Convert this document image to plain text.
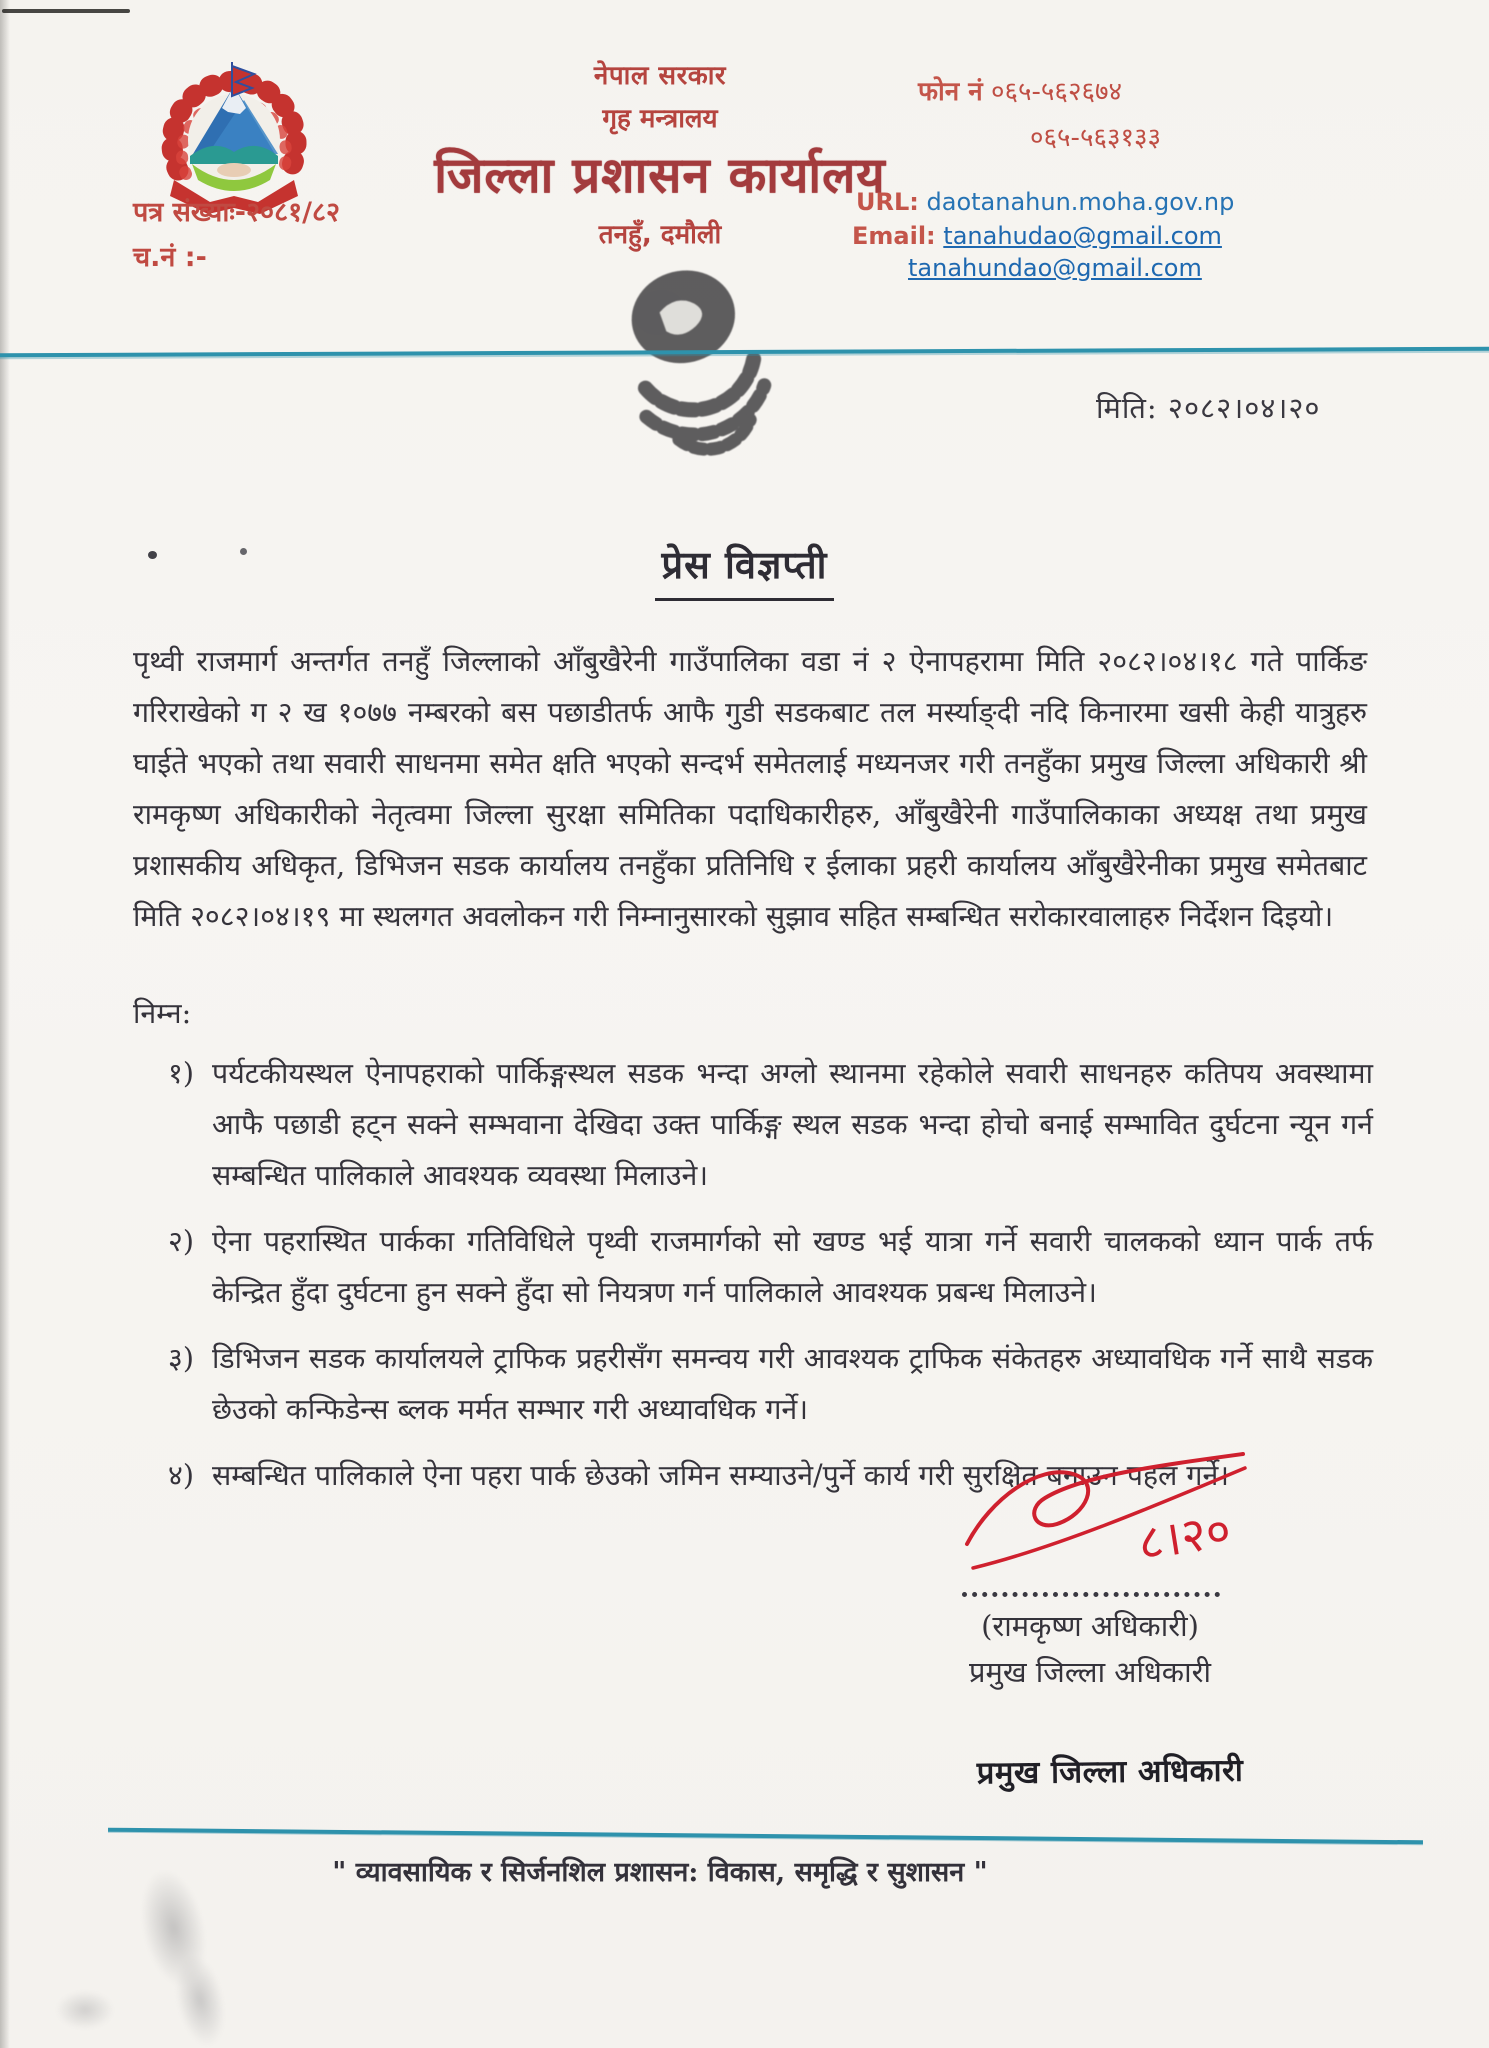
नेपाल सरकार
गृह मन्त्रालय
जिल्ला प्रशासन कार्यालय
तनहुँ, दमौली
फोन नं ०६५-५६२६७४
०६५-५६३१३३
URL: daotanahun.moha.gov.np
Email: tanahudao@gmail.com
tanahundao@gmail.com
पत्र संख्याः-२०८१/८२
च.नं :-
मिति: २०८२।०४।२०
प्रेस विज्ञप्ती
पृथ्वी राजमार्ग अन्तर्गत तनहुँ जिल्लाको आँबुखैरेनी गाउँपालिका वडा नं २ ऐनापहरामा मिति २०८२।०४।१८ गते पार्किङ गरिराखेको ग २ ख १०७७ नम्बरको बस पछाडीतर्फ आफै गुडी सडकबाट तल मर्स्याङ्दी नदि किनारमा खसी केही यात्रुहरु घाईते भएको तथा सवारी साधनमा समेत क्षति भएको सन्दर्भ समेतलाई मध्यनजर गरी तनहुँका प्रमुख जिल्ला अधिकारी श्री रामकृष्ण अधिकारीको नेतृत्वमा जिल्ला सुरक्षा समितिका पदाधिकारीहरु, आँबुखैरेनी गाउँपालिकाका अध्यक्ष तथा प्रमुख प्रशासकीय अधिकृत, डिभिजन सडक कार्यालय तनहुँका प्रतिनिधि र ईलाका प्रहरी कार्यालय आँबुखैरेनीका प्रमुख समेतबाट मिति २०८२।०४।१९ मा स्थलगत अवलोकन गरी निम्नानुसारको सुझाव सहित सम्बन्धित सरोकारवालाहरु निर्देशन दिइयो।
निम्न:
१) पर्यटकीयस्थल ऐनापहराको पार्किङ्गस्थल सडक भन्दा अग्लो स्थानमा रहेकोले सवारी साधनहरु कतिपय अवस्थामा आफै पछाडी हट्न सक्ने सम्भवाना देखिदा उक्त पार्किङ्ग स्थल सडक भन्दा होचो बनाई सम्भावित दुर्घटना न्यून गर्न सम्बन्धित पालिकाले आवश्यक व्यवस्था मिलाउने।
२) ऐना पहरास्थित पार्कका गतिविधिले पृथ्वी राजमार्गको सो खण्ड भई यात्रा गर्ने सवारी चालकको ध्यान पार्क तर्फ केन्द्रित हुँदा दुर्घटना हुन सक्ने हुँदा सो नियत्रण गर्न पालिकाले आवश्यक प्रबन्ध मिलाउने।
३) डिभिजन सडक कार्यालयले ट्राफिक प्रहरीसँग समन्वय गरी आवश्यक ट्राफिक संकेतहरु अध्यावधिक गर्ने साथै सडक छेउको कन्फिडेन्स ब्लक मर्मत सम्भार गरी अध्यावधिक गर्ने।
४) सम्बन्धित पालिकाले ऐना पहरा पार्क छेउको जमिन सम्याउने/पुर्ने कार्य गरी सुरक्षित बनाउन पहल गर्ने।
८।२०
(रामकृष्ण अधिकारी)
प्रमुख जिल्ला अधिकारी
प्रमुख जिल्ला अधिकारी
" व्यावसायिक र सिर्जनशिल प्रशासन: विकास, समृद्धि र सुशासन "
